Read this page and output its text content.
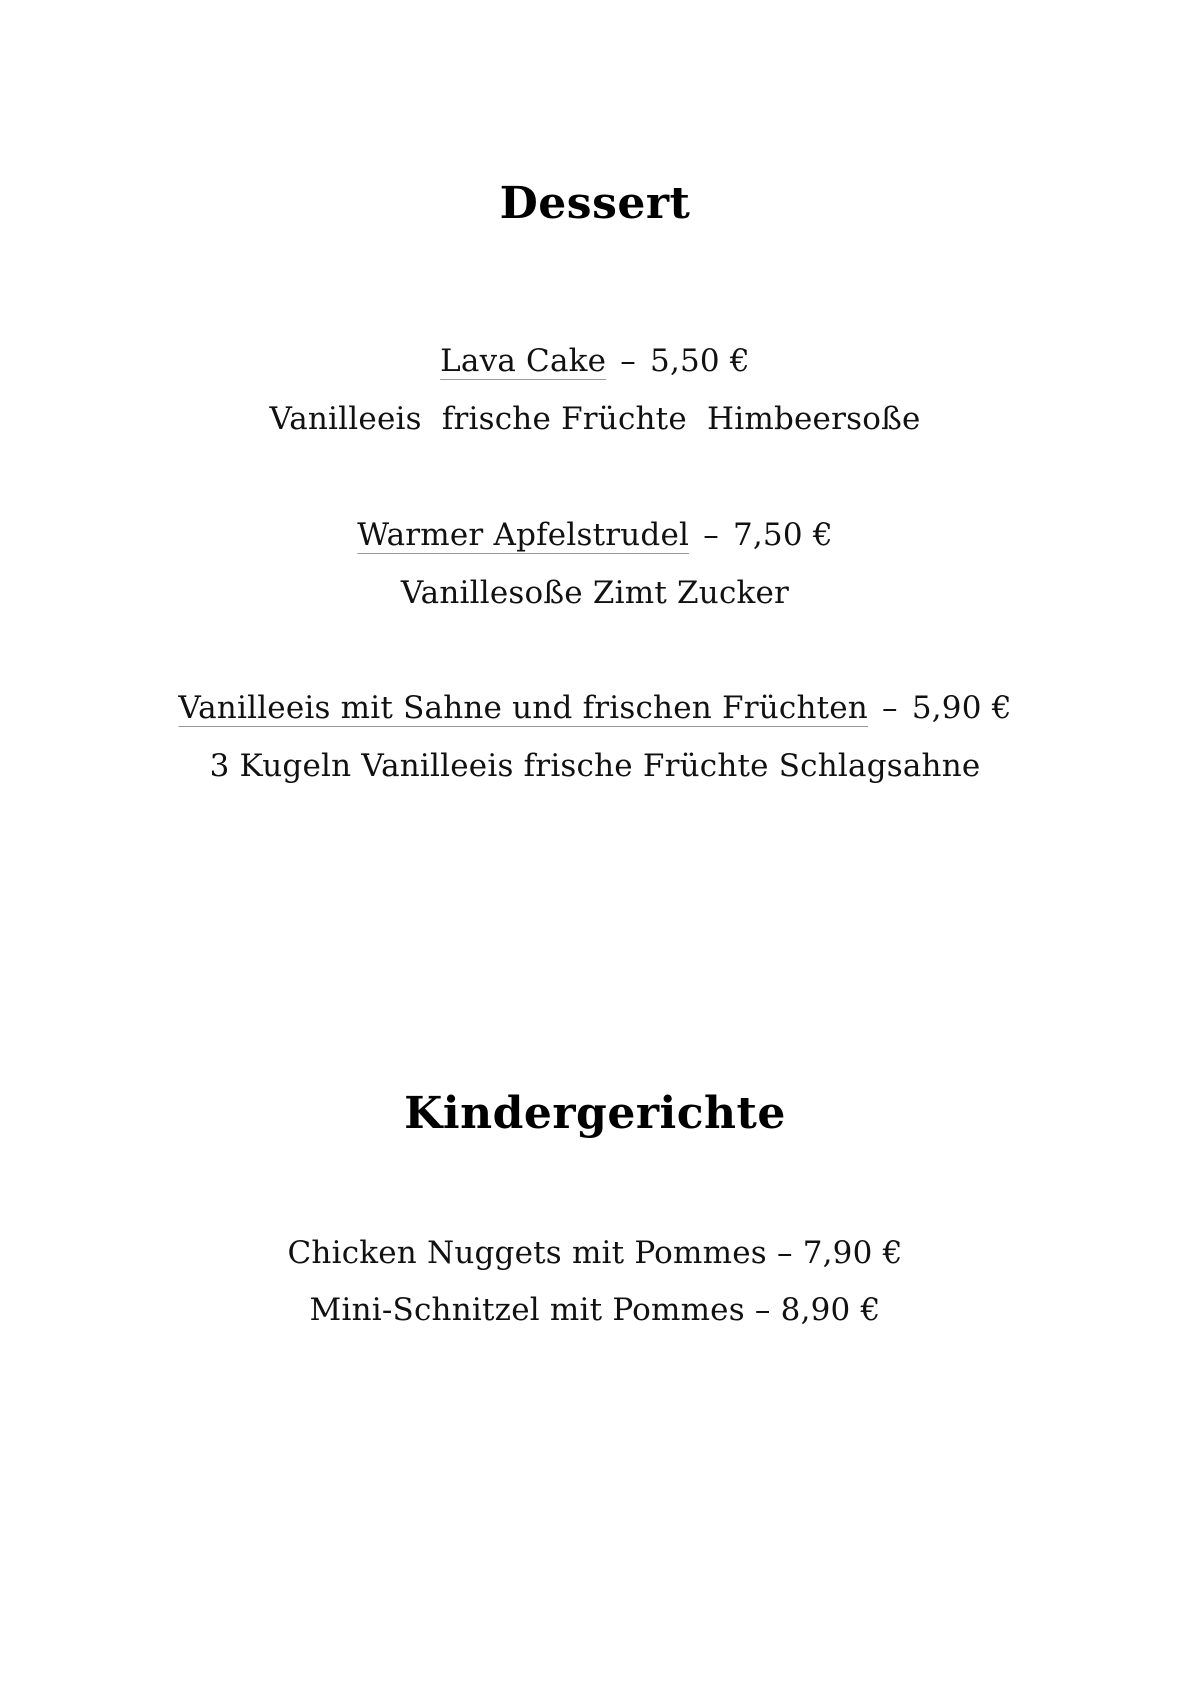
Dessert
Lava Cake – 5,50 €
Vanilleeis  frische Früchte  Himbeersoße
Warmer Apfelstrudel – 7,50 €
Vanillesoße Zimt Zucker
Vanilleeis mit Sahne und frischen Früchten – 5,90 €
3 Kugeln Vanilleeis frische Früchte Schlagsahne
Kindergerichte
Chicken Nuggets mit Pommes – 7,90 €
Mini-Schnitzel mit Pommes – 8,90 €
